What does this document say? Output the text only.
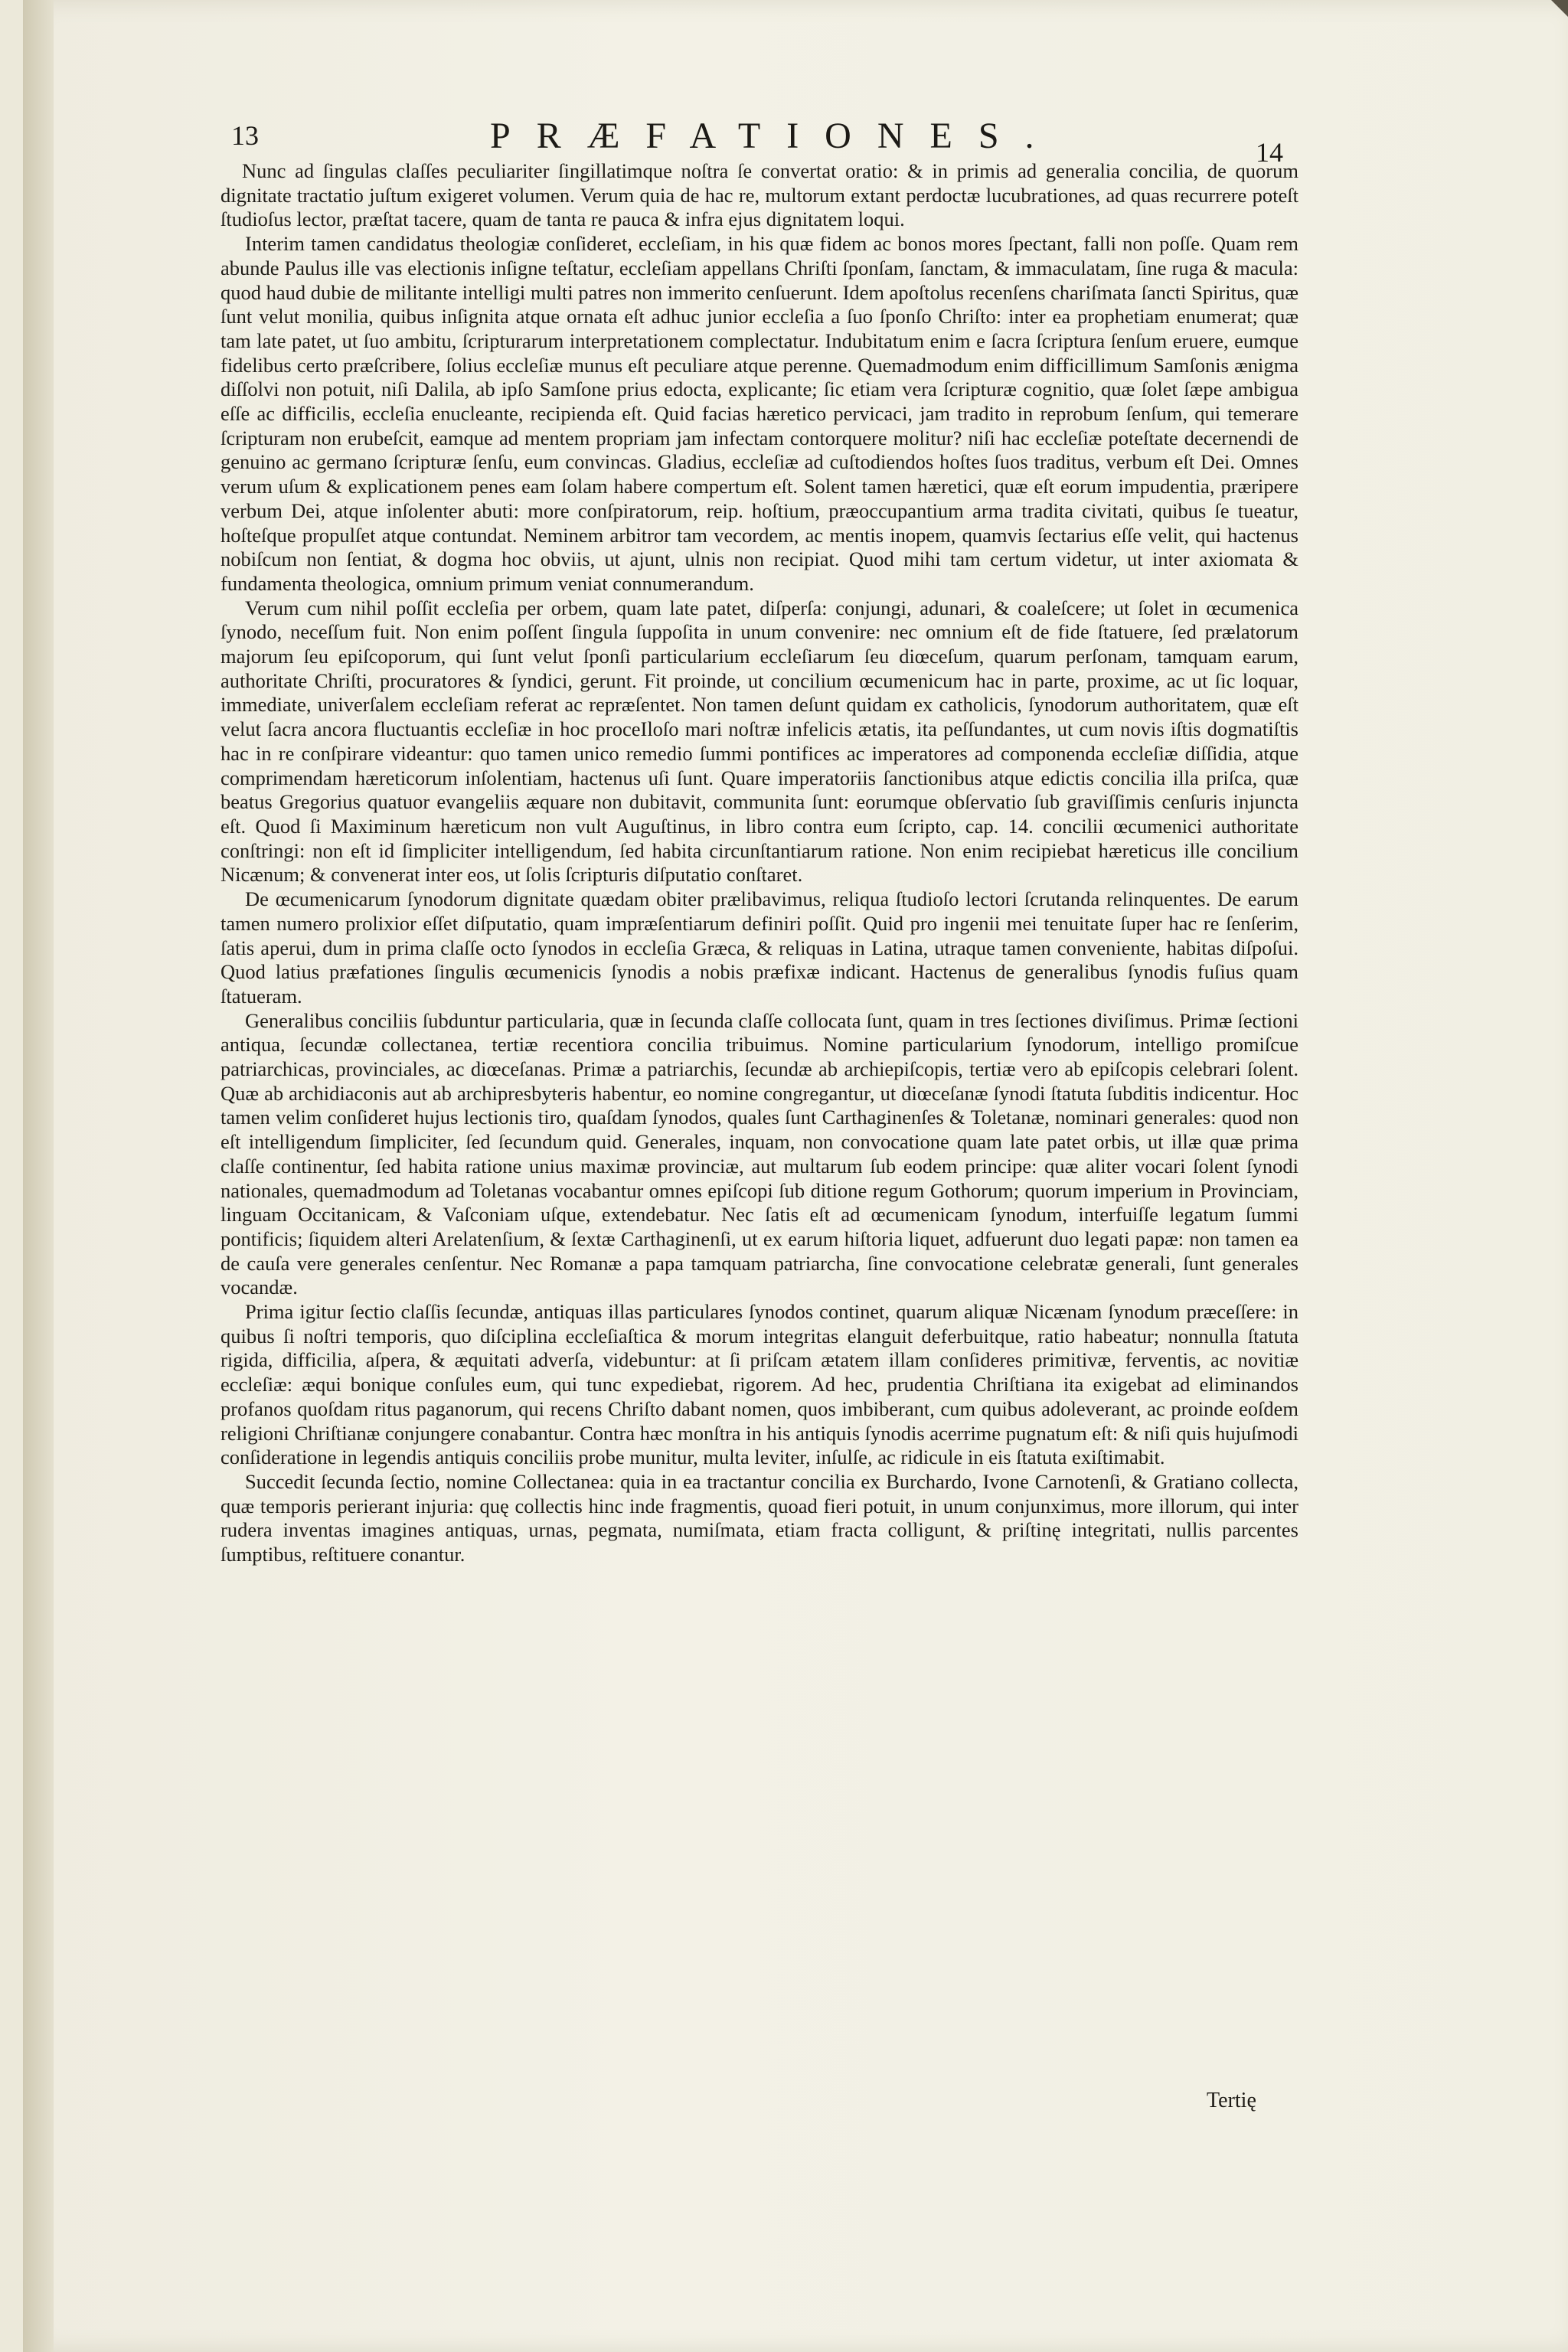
13	PRÆFATIONES.	14

Nunc ad ſingulas claſſes peculiariter ſingillatimque noſtra ſe convertat oratio: & in primis ad generalia concilia, de quorum dignitate tractatio juſtum exigeret volumen. Verum quia de hac re, multorum extant perdoctæ lucubrationes, ad quas recurrere poteſt ſtudioſus lector, præſtat tacere, quam de tanta re pauca & infra ejus dignitatem loqui.

Interim tamen candidatus theologiæ conſideret, eccleſiam, in his quæ fidem ac bonos mores ſpectant, falli non poſſe. Quam rem abunde Paulus ille vas electionis inſigne teſtatur, eccleſiam appellans Chriſti ſponſam, ſanctam, & immaculatam, ſine ruga & macula: quod haud dubie de militante intelligi multi patres non immerito cenſuerunt. Idem apoſtolus recenſens chariſmata ſancti Spiritus, quæ ſunt velut monilia, quibus inſignita atque ornata eſt adhuc junior eccleſia a ſuo ſponſo Chriſto: inter ea prophetiam enumerat; quæ tam late patet, ut ſuo ambitu, ſcripturarum interpretationem complectatur. Indubitatum enim e ſacra ſcriptura ſenſum eruere, eumque fidelibus certo præſcribere, ſolius eccleſiæ munus eſt peculiare atque perenne. Quemadmodum enim difficillimum Samſonis ænigma diſſolvi non potuit, niſi Dalila, ab ipſo Samſone prius edocta, explicante; ſic etiam vera ſcripturæ cognitio, quæ ſolet ſæpe ambigua eſſe ac difficilis, eccleſia enucleante, recipienda eſt. Quid facias hæretico pervicaci, jam tradito in reprobum ſenſum, qui temerare ſcripturam non erubeſcit, eamque ad mentem propriam jam infectam contorquere molitur? niſi hac eccleſiæ poteſtate decernendi de genuino ac germano ſcripturæ ſenſu, eum convincas. Gladius, eccleſiæ ad cuſtodiendos hoſtes ſuos traditus, verbum eſt Dei. Omnes verum uſum & explicationem penes eam ſolam habere compertum eſt. Solent tamen hæretici, quæ eſt eorum impudentia, præripere verbum Dei, atque inſolenter abuti: more conſpiratorum, reip. hoſtium, præoccupantium arma tradita civitati, quibus ſe tueatur, hoſteſque propulſet atque contundat. Neminem arbitror tam vecordem, ac mentis inopem, quamvis ſectarius eſſe velit, qui hactenus nobiſcum non ſentiat, & dogma hoc obviis, ut ajunt, ulnis non recipiat. Quod mihi tam certum videtur, ut inter axiomata & fundamenta theologica, omnium primum veniat connumerandum.

Verum cum nihil poſſit eccleſia per orbem, quam late patet, diſperſa: conjungi, adunari, & coaleſcere; ut ſolet in œcumenica ſynodo, neceſſum fuit. Non enim poſſent ſingula ſuppoſita in unum convenire: nec omnium eſt de fide ſtatuere, ſed prælatorum majorum ſeu epiſcoporum, qui ſunt velut ſponſi particularium eccleſiarum ſeu diœceſum, quarum perſonam, tamquam earum, authoritate Chriſti, procuratores & ſyndici, gerunt. Fit proinde, ut concilium œcumenicum hac in parte, proxime, ac ut ſic loquar, immediate, univerſalem eccleſiam referat ac repræſentet. Non tamen deſunt quidam ex catholicis, ſynodorum authoritatem, quæ eſt velut ſacra ancora fluctuantis eccleſiæ in hoc proceIloſo mari noſtræ infelicis ætatis, ita peſſundantes, ut cum novis iſtis dogmatiſtis hac in re conſpirare videantur: quo tamen unico remedio ſummi pontifices ac imperatores ad componenda eccleſiæ diſſidia, atque comprimendam hæreticorum inſolentiam, hactenus uſi ſunt. Quare imperatoriis ſanctionibus atque edictis concilia illa priſca, quæ beatus Gregorius quatuor evangeliis æquare non dubitavit, communita ſunt: eorumque obſervatio ſub graviſſimis cenſuris injuncta eſt. Quod ſi Maximinum hæreticum non vult Auguſtinus, in libro contra eum ſcripto, cap. 14. concilii œcumenici authoritate conſtringi: non eſt id ſimpliciter intelligendum, ſed habita circunſtantiarum ratione. Non enim recipiebat hæreticus ille concilium Nicænum; & convenerat inter eos, ut ſolis ſcripturis diſputatio conſtaret.

De œcumenicarum ſynodorum dignitate quædam obiter prælibavimus, reliqua ſtudioſo lectori ſcrutanda relinquentes. De earum tamen numero prolixior eſſet diſputatio, quam impræſentiarum definiri poſſit. Quid pro ingenii mei tenuitate ſuper hac re ſenſerim, ſatis aperui, dum in prima claſſe octo ſynodos in eccleſia Græca, & reliquas in Latina, utraque tamen conveniente, habitas diſpoſui. Quod latius præfationes ſingulis œcumenicis ſynodis a nobis præfixæ indicant. Hactenus de generalibus ſynodis fuſius quam ſtatueram.

Generalibus conciliis ſubduntur particularia, quæ in ſecunda claſſe collocata ſunt, quam in tres ſectiones diviſimus. Primæ ſectioni antiqua, ſecundæ collectanea, tertiæ recentiora concilia tribuimus. Nomine particularium ſynodorum, intelligo promiſcue patriarchicas, provinciales, ac diœceſanas. Primæ a patriarchis, ſecundæ ab archiepiſcopis, tertiæ vero ab epiſcopis celebrari ſolent. Quæ ab archidiaconis aut ab archipresbyteris habentur, eo nomine congregantur, ut diœceſanæ ſynodi ſtatuta ſubditis indicentur. Hoc tamen velim conſideret hujus lectionis tiro, quaſdam ſynodos, quales ſunt Carthaginenſes & Toletanæ, nominari generales: quod non eſt intelligendum ſimpliciter, ſed ſecundum quid. Generales, inquam, non convocatione quam late patet orbis, ut illæ quæ prima claſſe continentur, ſed habita ratione unius maximæ provinciæ, aut multarum ſub eodem principe: quæ aliter vocari ſolent ſynodi nationales, quemadmodum ad Toletanas vocabantur omnes epiſcopi ſub ditione regum Gothorum; quorum imperium in Provinciam, linguam Occitanicam, & Vaſconiam uſque, extendebatur. Nec ſatis eſt ad œcumenicam ſynodum, interfuiſſe legatum ſummi pontificis; ſiquidem alteri Arelatenſium, & ſextæ Carthaginenſi, ut ex earum hiſtoria liquet, adfuerunt duo legati papæ: non tamen ea de cauſa vere generales cenſentur. Nec Romanæ a papa tamquam patriarcha, ſine convocatione celebratæ generali, ſunt generales vocandæ.

Prima igitur ſectio claſſis ſecundæ, antiquas illas particulares ſynodos continet, quarum aliquæ Nicænam ſynodum præceſſere: in quibus ſi noſtri temporis, quo diſciplina eccleſiaſtica & morum integritas elanguit deferbuitque, ratio habeatur; nonnulla ſtatuta rigida, difficilia, aſpera, & æquitati adverſa, videbuntur: at ſi priſcam ætatem illam conſideres primitivæ, ferventis, ac novitiæ eccleſiæ: æqui bonique conſules eum, qui tunc expediebat, rigorem. Ad hec, prudentia Chriſtiana ita exigebat ad eliminandos profanos quoſdam ritus paganorum, qui recens Chriſto dabant nomen, quos imbiberant, cum quibus adoleverant, ac proinde eoſdem religioni Chriſtianæ conjungere conabantur. Contra hæc monſtra in his antiquis ſynodis acerrime pugnatum eſt: & niſi quis hujuſmodi conſideratione in legendis antiquis conciliis probe munitur, multa leviter, inſulſe, ac ridicule in eis ſtatuta exiſtimabit.

Succedit ſecunda ſectio, nomine Collectanea: quia in ea tractantur concilia ex Burchardo, Ivone Carnotenſi, & Gratiano collecta, quæ temporis perierant injuria: quę collectis hinc inde fragmentis, quoad fieri potuit, in unum conjunximus, more illorum, qui inter rudera inventas imagines antiquas, urnas, pegmata, numiſmata, etiam fracta colligunt, & priſtinę integritati, nullis parcentes ſumptibus, reſtituere conantur.

Tertię
